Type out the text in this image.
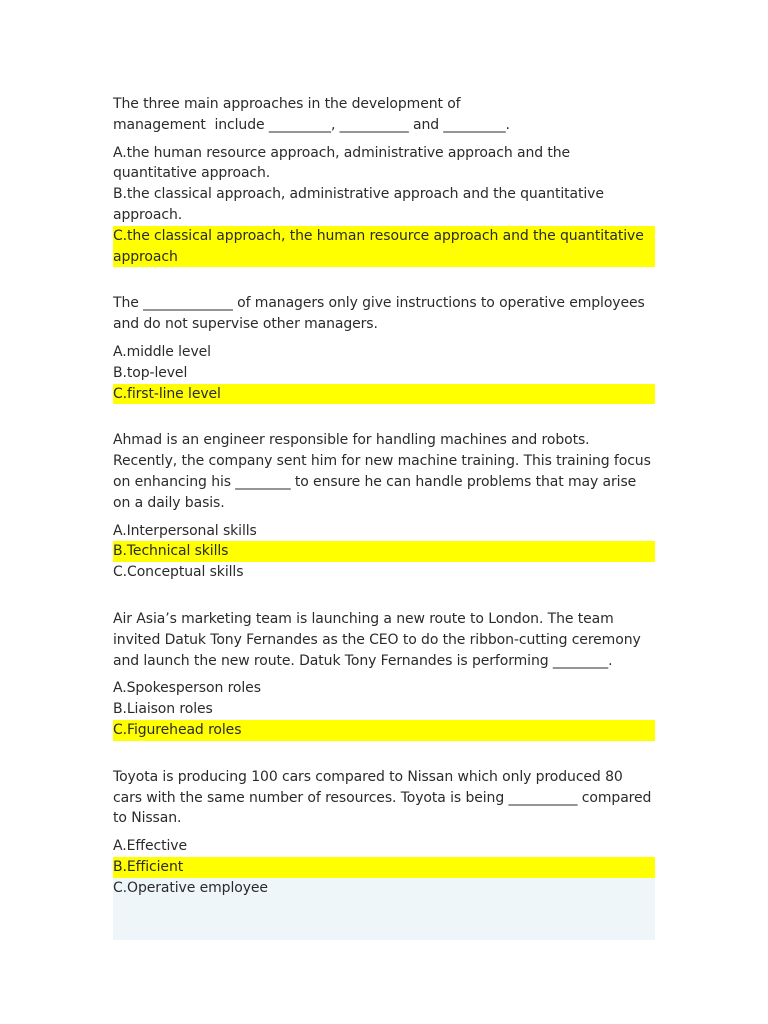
The three main approaches in the development of
management  include _________, __________ and _________.

A.the human resource approach, administrative approach and the quantitative approach.
B.the classical approach, administrative approach and the quantitative approach.
C.the classical approach, the human resource approach and the quantitative approach

The _____________ of managers only give instructions to operative employees and do not supervise other managers.

A.middle level
B.top-level
C.first-line level

Ahmad is an engineer responsible for handling machines and robots. Recently, the company sent him for new machine training. This training focus on enhancing his ________ to ensure he can handle problems that may arise on a daily basis.

A.Interpersonal skills
B.Technical skills
C.Conceptual skills

Air Asia’s marketing team is launching a new route to London. The team invited Datuk Tony Fernandes as the CEO to do the ribbon-cutting ceremony and launch the new route. Datuk Tony Fernandes is performing ________.

A.Spokesperson roles
B.Liaison roles
C.Figurehead roles

Toyota is producing 100 cars compared to Nissan which only produced 80 cars with the same number of resources. Toyota is being __________ compared to Nissan.

A.Effective
B.Efficient
C.Operative employee
